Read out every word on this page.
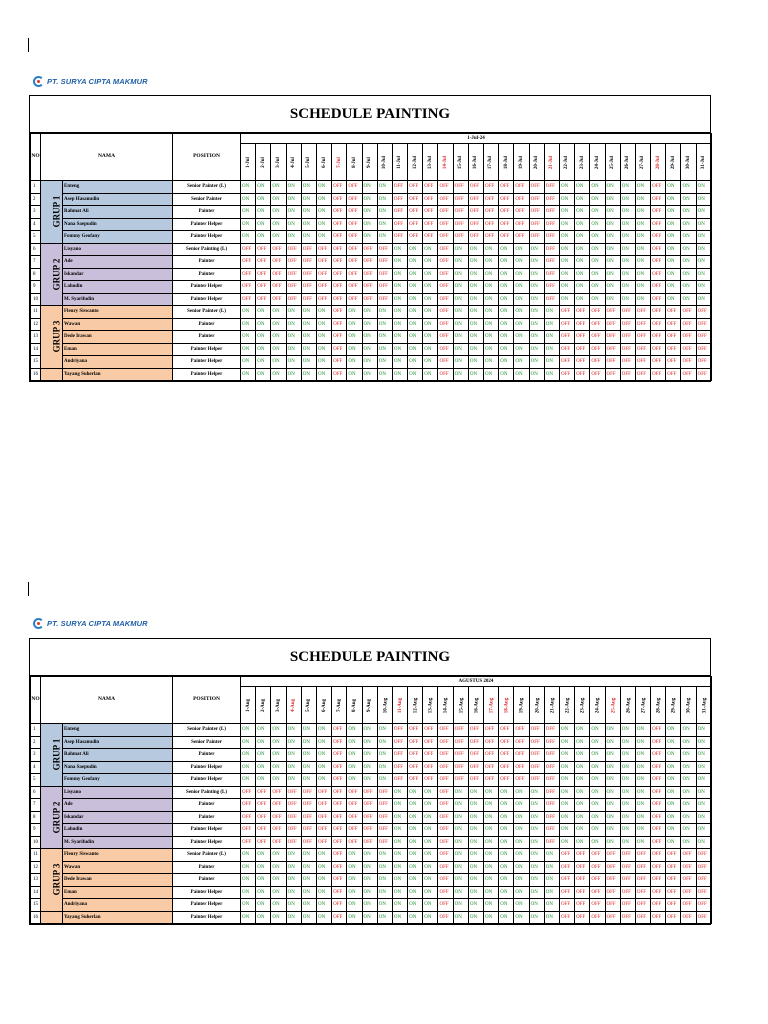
PT. SURYA CIPTA MAKMUR
SCHEDULE PAINTING
NO	NAMA		POSITION	1-Jul-24																														
				1-Jul	2-Jul	3-Jul	4-Jul	5-Jul	6-Jul	7-Jul	8-Jul	9-Jul	10-Jul	11-Jul	12-Jul	13-Jul	14-Jul	15-Jul	16-Jul	17-Jul	18-Jul	19-Jul	20-Jul	21-Jul	22-Jul	23-Jul	24-Jul	25-Jul	26-Jul	27-Jul	28-Jul	29-Jul	30-Jul	31-Jul
1	GRUP 1	Enteng	Senior Painter (L)	ON	ON	ON	ON	ON	ON	OFF	OFF	ON	ON	OFF	OFF	OFF	OFF	OFF	OFF	OFF	OFF	OFF	OFF	OFF	ON	ON	ON	ON	ON	ON	OFF	ON	ON	ON
2		Asep Hasanudin	Senior Painter	ON	ON	ON	ON	ON	ON	OFF	OFF	ON	ON	OFF	OFF	OFF	OFF	OFF	OFF	OFF	OFF	OFF	OFF	OFF	ON	ON	ON	ON	ON	ON	OFF	ON	ON	ON
3		Rahmat Ali	Painter	ON	ON	ON	ON	ON	ON	OFF	OFF	ON	ON	OFF	OFF	OFF	OFF	OFF	OFF	OFF	OFF	OFF	OFF	OFF	ON	ON	ON	ON	ON	ON	OFF	ON	ON	ON
4		Nana Saepudin	Painter Helper	ON	ON	ON	ON	ON	ON	OFF	OFF	ON	ON	OFF	OFF	OFF	OFF	OFF	OFF	OFF	OFF	OFF	OFF	OFF	ON	ON	ON	ON	ON	ON	OFF	ON	ON	ON
5		Fommy Geofany	Painter Helper	ON	ON	ON	ON	ON	ON	OFF	OFF	ON	ON	OFF	OFF	OFF	OFF	OFF	OFF	OFF	OFF	OFF	OFF	OFF	ON	ON	ON	ON	ON	ON	OFF	ON	ON	ON
6	GRUP 2	Lisyano	Senior Painting (L)	OFF	OFF	OFF	OFF	OFF	OFF	OFF	OFF	OFF	OFF	ON	ON	ON	OFF	ON	ON	ON	ON	ON	ON	OFF	ON	ON	ON	ON	ON	ON	OFF	ON	ON	ON
7		Ade	Painter	OFF	OFF	OFF	OFF	OFF	OFF	OFF	OFF	OFF	OFF	ON	ON	ON	OFF	ON	ON	ON	ON	ON	ON	OFF	ON	ON	ON	ON	ON	ON	OFF	ON	ON	ON
8		Iskandar	Painter	OFF	OFF	OFF	OFF	OFF	OFF	OFF	OFF	OFF	OFF	ON	ON	ON	OFF	ON	ON	ON	ON	ON	ON	OFF	ON	ON	ON	ON	ON	ON	OFF	ON	ON	ON
9		Lahudin	Painter Helper	OFF	OFF	OFF	OFF	OFF	OFF	OFF	OFF	OFF	OFF	ON	ON	ON	OFF	ON	ON	ON	ON	ON	ON	OFF	ON	ON	ON	ON	ON	ON	OFF	ON	ON	ON
10		M. Syarifudin	Painter Helper	OFF	OFF	OFF	OFF	OFF	OFF	OFF	OFF	OFF	OFF	ON	ON	ON	OFF	ON	ON	ON	ON	ON	ON	OFF	ON	ON	ON	ON	ON	ON	OFF	ON	ON	ON
11	GRUP 3	Fleury Siswanto	Senior Painter (L)	ON	ON	ON	ON	ON	ON	OFF	ON	ON	ON	ON	ON	ON	OFF	ON	ON	ON	ON	ON	ON	ON	OFF	OFF	OFF	OFF	OFF	OFF	OFF	OFF	OFF	OFF
12		Wawan	Painter	ON	ON	ON	ON	ON	ON	OFF	ON	ON	ON	ON	ON	ON	OFF	ON	ON	ON	ON	ON	ON	ON	OFF	OFF	OFF	OFF	OFF	OFF	OFF	OFF	OFF	OFF
13		Dede Irawan	Painter	ON	ON	ON	ON	ON	ON	OFF	ON	ON	ON	ON	ON	ON	OFF	ON	ON	ON	ON	ON	ON	ON	OFF	OFF	OFF	OFF	OFF	OFF	OFF	OFF	OFF	OFF
14		Eman	Painter Helper	ON	ON	ON	ON	ON	ON	OFF	ON	ON	ON	ON	ON	ON	OFF	ON	ON	ON	ON	ON	ON	ON	OFF	OFF	OFF	OFF	OFF	OFF	OFF	OFF	OFF	OFF
15		Andriyana	Painter Helper	ON	ON	ON	ON	ON	ON	OFF	ON	ON	ON	ON	ON	ON	OFF	ON	ON	ON	ON	ON	ON	ON	OFF	OFF	OFF	OFF	OFF	OFF	OFF	OFF	OFF	OFF
16		Yayang Suherlan	Painter Helper	ON	ON	ON	ON	ON	ON	OFF	ON	ON	ON	ON	ON	ON	OFF	ON	ON	ON	ON	ON	ON	ON	OFF	OFF	OFF	OFF	OFF	OFF	OFF	OFF	OFF	OFF
PT. SURYA CIPTA MAKMUR
SCHEDULE PAINTING
NO	NAMA		POSITION	AGUSTUS 2024																														
				1-Aug	2-Aug	3-Aug	4-Aug	5-Aug	6-Aug	7-Aug	8-Aug	9-Aug	10-Aug	11-Aug	12-Aug	13-Aug	14-Aug	15-Aug	16-Aug	17-Aug	18-Aug	19-Aug	20-Aug	21-Aug	22-Aug	23-Aug	24-Aug	25-Aug	26-Aug	27-Aug	28-Aug	29-Aug	30-Aug	31-Aug
1	GRUP 1	Enteng	Senior Painter (L)	ON	ON	ON	ON	ON	ON	OFF	ON	ON	ON	OFF	OFF	OFF	OFF	OFF	OFF	OFF	OFF	OFF	OFF	OFF	ON	ON	ON	ON	ON	ON	OFF	ON	ON	ON
2		Asep Hasanudin	Senior Painter	ON	ON	ON	ON	ON	ON	OFF	ON	ON	ON	OFF	OFF	OFF	OFF	OFF	OFF	OFF	OFF	OFF	OFF	OFF	ON	ON	ON	ON	ON	ON	OFF	ON	ON	ON
3		Rahmat Ali	Painter	ON	ON	ON	ON	ON	ON	OFF	ON	ON	ON	OFF	OFF	OFF	OFF	OFF	OFF	OFF	OFF	OFF	OFF	OFF	ON	ON	ON	ON	ON	ON	OFF	ON	ON	ON
4		Nana Saepudin	Painter Helper	ON	ON	ON	ON	ON	ON	OFF	ON	ON	ON	OFF	OFF	OFF	OFF	OFF	OFF	OFF	OFF	OFF	OFF	OFF	ON	ON	ON	ON	ON	ON	OFF	ON	ON	ON
5		Fommy Geofany	Painter Helper	ON	ON	ON	ON	ON	ON	OFF	ON	ON	ON	OFF	OFF	OFF	OFF	OFF	OFF	OFF	OFF	OFF	OFF	OFF	ON	ON	ON	ON	ON	ON	OFF	ON	ON	ON
6	GRUP 2	Lisyano	Senior Painting (L)	OFF	OFF	OFF	OFF	OFF	OFF	OFF	OFF	OFF	OFF	ON	ON	ON	OFF	ON	ON	ON	ON	ON	ON	OFF	ON	ON	ON	ON	ON	ON	OFF	ON	ON	ON
7		Ade	Painter	OFF	OFF	OFF	OFF	OFF	OFF	OFF	OFF	OFF	OFF	ON	ON	ON	OFF	ON	ON	ON	ON	ON	ON	OFF	ON	ON	ON	ON	ON	ON	OFF	ON	ON	ON
8		Iskandar	Painter	OFF	OFF	OFF	OFF	OFF	OFF	OFF	OFF	OFF	OFF	ON	ON	ON	OFF	ON	ON	ON	ON	ON	ON	OFF	ON	ON	ON	ON	ON	ON	OFF	ON	ON	ON
9		Lahudin	Painter Helper	OFF	OFF	OFF	OFF	OFF	OFF	OFF	OFF	OFF	OFF	ON	ON	ON	OFF	ON	ON	ON	ON	ON	ON	OFF	ON	ON	ON	ON	ON	ON	OFF	ON	ON	ON
10		M. Syarifudin	Painter Helper	OFF	OFF	OFF	OFF	OFF	OFF	OFF	OFF	OFF	OFF	ON	ON	ON	OFF	ON	ON	ON	ON	ON	ON	OFF	ON	ON	ON	ON	ON	ON	OFF	ON	ON	ON
11	GRUP 3	Fleury Siswanto	Senior Painter (L)	ON	ON	ON	ON	ON	ON	OFF	ON	ON	ON	ON	ON	ON	OFF	ON	ON	ON	ON	ON	ON	ON	OFF	OFF	OFF	OFF	OFF	OFF	OFF	OFF	OFF	OFF
12		Wawan	Painter	ON	ON	ON	ON	ON	ON	OFF	ON	ON	ON	ON	ON	ON	OFF	ON	ON	ON	ON	ON	ON	ON	OFF	OFF	OFF	OFF	OFF	OFF	OFF	OFF	OFF	OFF
13		Dede Irawan	Painter	ON	ON	ON	ON	ON	ON	OFF	ON	ON	ON	ON	ON	ON	OFF	ON	ON	ON	ON	ON	ON	ON	OFF	OFF	OFF	OFF	OFF	OFF	OFF	OFF	OFF	OFF
14		Eman	Painter Helper	ON	ON	ON	ON	ON	ON	OFF	ON	ON	ON	ON	ON	ON	OFF	ON	ON	ON	ON	ON	ON	ON	OFF	OFF	OFF	OFF	OFF	OFF	OFF	OFF	OFF	OFF
15		Andriyana	Painter Helper	ON	ON	ON	ON	ON	ON	OFF	ON	ON	ON	ON	ON	ON	OFF	ON	ON	ON	ON	ON	ON	ON	OFF	OFF	OFF	OFF	OFF	OFF	OFF	OFF	OFF	OFF
16		Yayang Suherlan	Painter Helper	ON	ON	ON	ON	ON	ON	OFF	ON	ON	ON	ON	ON	ON	OFF	ON	ON	ON	ON	ON	ON	ON	OFF	OFF	OFF	OFF	OFF	OFF	OFF	OFF	OFF	OFF
